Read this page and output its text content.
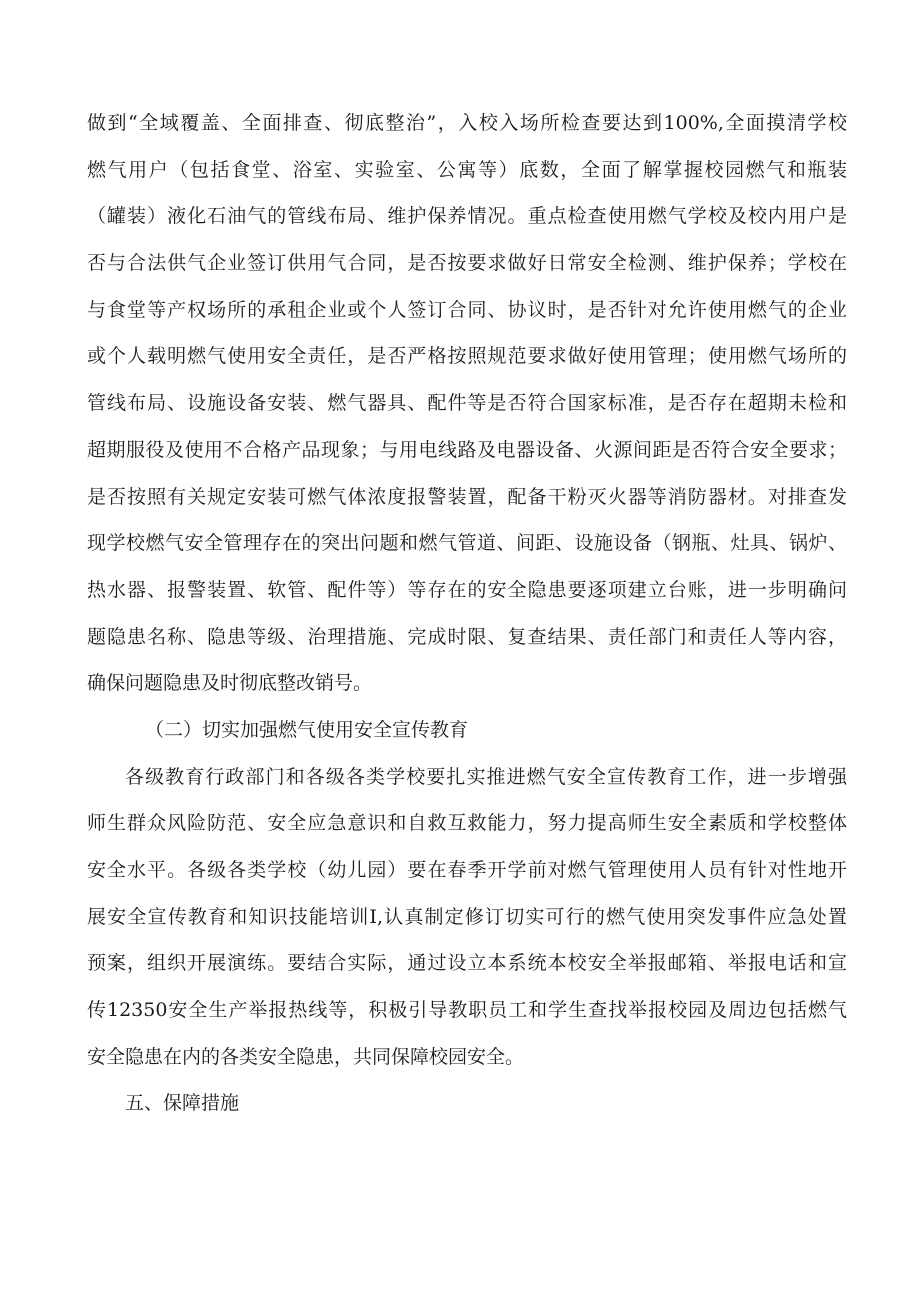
做到“全域覆盖、全面排查、彻底整治”，入校入场所检查要达到100%,全面摸清学校
燃气用户（包括食堂、浴室、实验室、公寓等）底数，全面了解掌握校园燃气和瓶装
（罐装）液化石油气的管线布局、维护保养情况。重点检查使用燃气学校及校内用户是
否与合法供气企业签订供用气合同，是否按要求做好日常安全检测、维护保养；学校在
与食堂等产权场所的承租企业或个人签订合同、协议时，是否针对允许使用燃气的企业
或个人载明燃气使用安全责任，是否严格按照规范要求做好使用管理；使用燃气场所的
管线布局、设施设备安装、燃气器具、配件等是否符合国家标准，是否存在超期未检和
超期服役及使用不合格产品现象；与用电线路及电器设备、火源间距是否符合安全要求；
是否按照有关规定安装可燃气体浓度报警装置，配备干粉灭火器等消防器材。对排查发
现学校燃气安全管理存在的突出问题和燃气管道、间距、设施设备（钢瓶、灶具、锅炉、
热水器、报警装置、软管、配件等）等存在的安全隐患要逐项建立台账，进一步明确问
题隐患名称、隐患等级、治理措施、完成时限、复查结果、责任部门和责任人等内容，
确保问题隐患及时彻底整改销号。
（二）切实加强燃气使用安全宣传教育
各级教育行政部门和各级各类学校要扎实推进燃气安全宣传教育工作，进一步增强
师生群众风险防范、安全应急意识和自救互救能力，努力提高师生安全素质和学校整体
安全水平。各级各类学校（幼儿园）要在春季开学前对燃气管理使用人员有针对性地开
展安全宣传教育和知识技能培训I,认真制定修订切实可行的燃气使用突发事件应急处置
预案，组织开展演练。要结合实际，通过设立本系统本校安全举报邮箱、举报电话和宣
传12350安全生产举报热线等，积极引导教职员工和学生查找举报校园及周边包括燃气
安全隐患在内的各类安全隐患，共同保障校园安全。
五、保障措施
